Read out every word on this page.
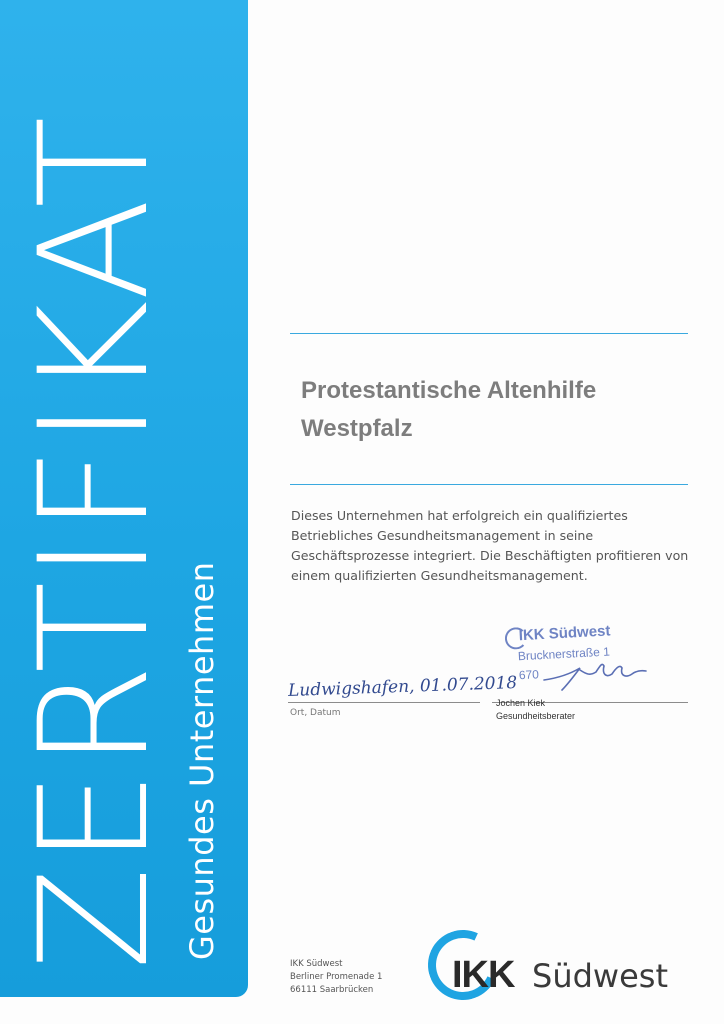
ZERTIFIKAT Gesundes Unternehmen
Protestantische Altenhilfe
Westpfalz
Dieses Unternehmen hat erfolgreich ein qualifiziertes Betriebliches Gesundheitsmanagement in seine Geschäftsprozesse integriert. Die Beschäftigten profitieren von einem qualifizierten Gesundheitsmanagement.
IKK Südwest
Brucknerstraße 1
670
Ludwigshafen, 01.07.2018
Ort, Datum
Jochen Kiek
Gesundheitsberater
IKK Südwest
Berliner Promenade 1
66111 Saarbrücken IKK Südwest
